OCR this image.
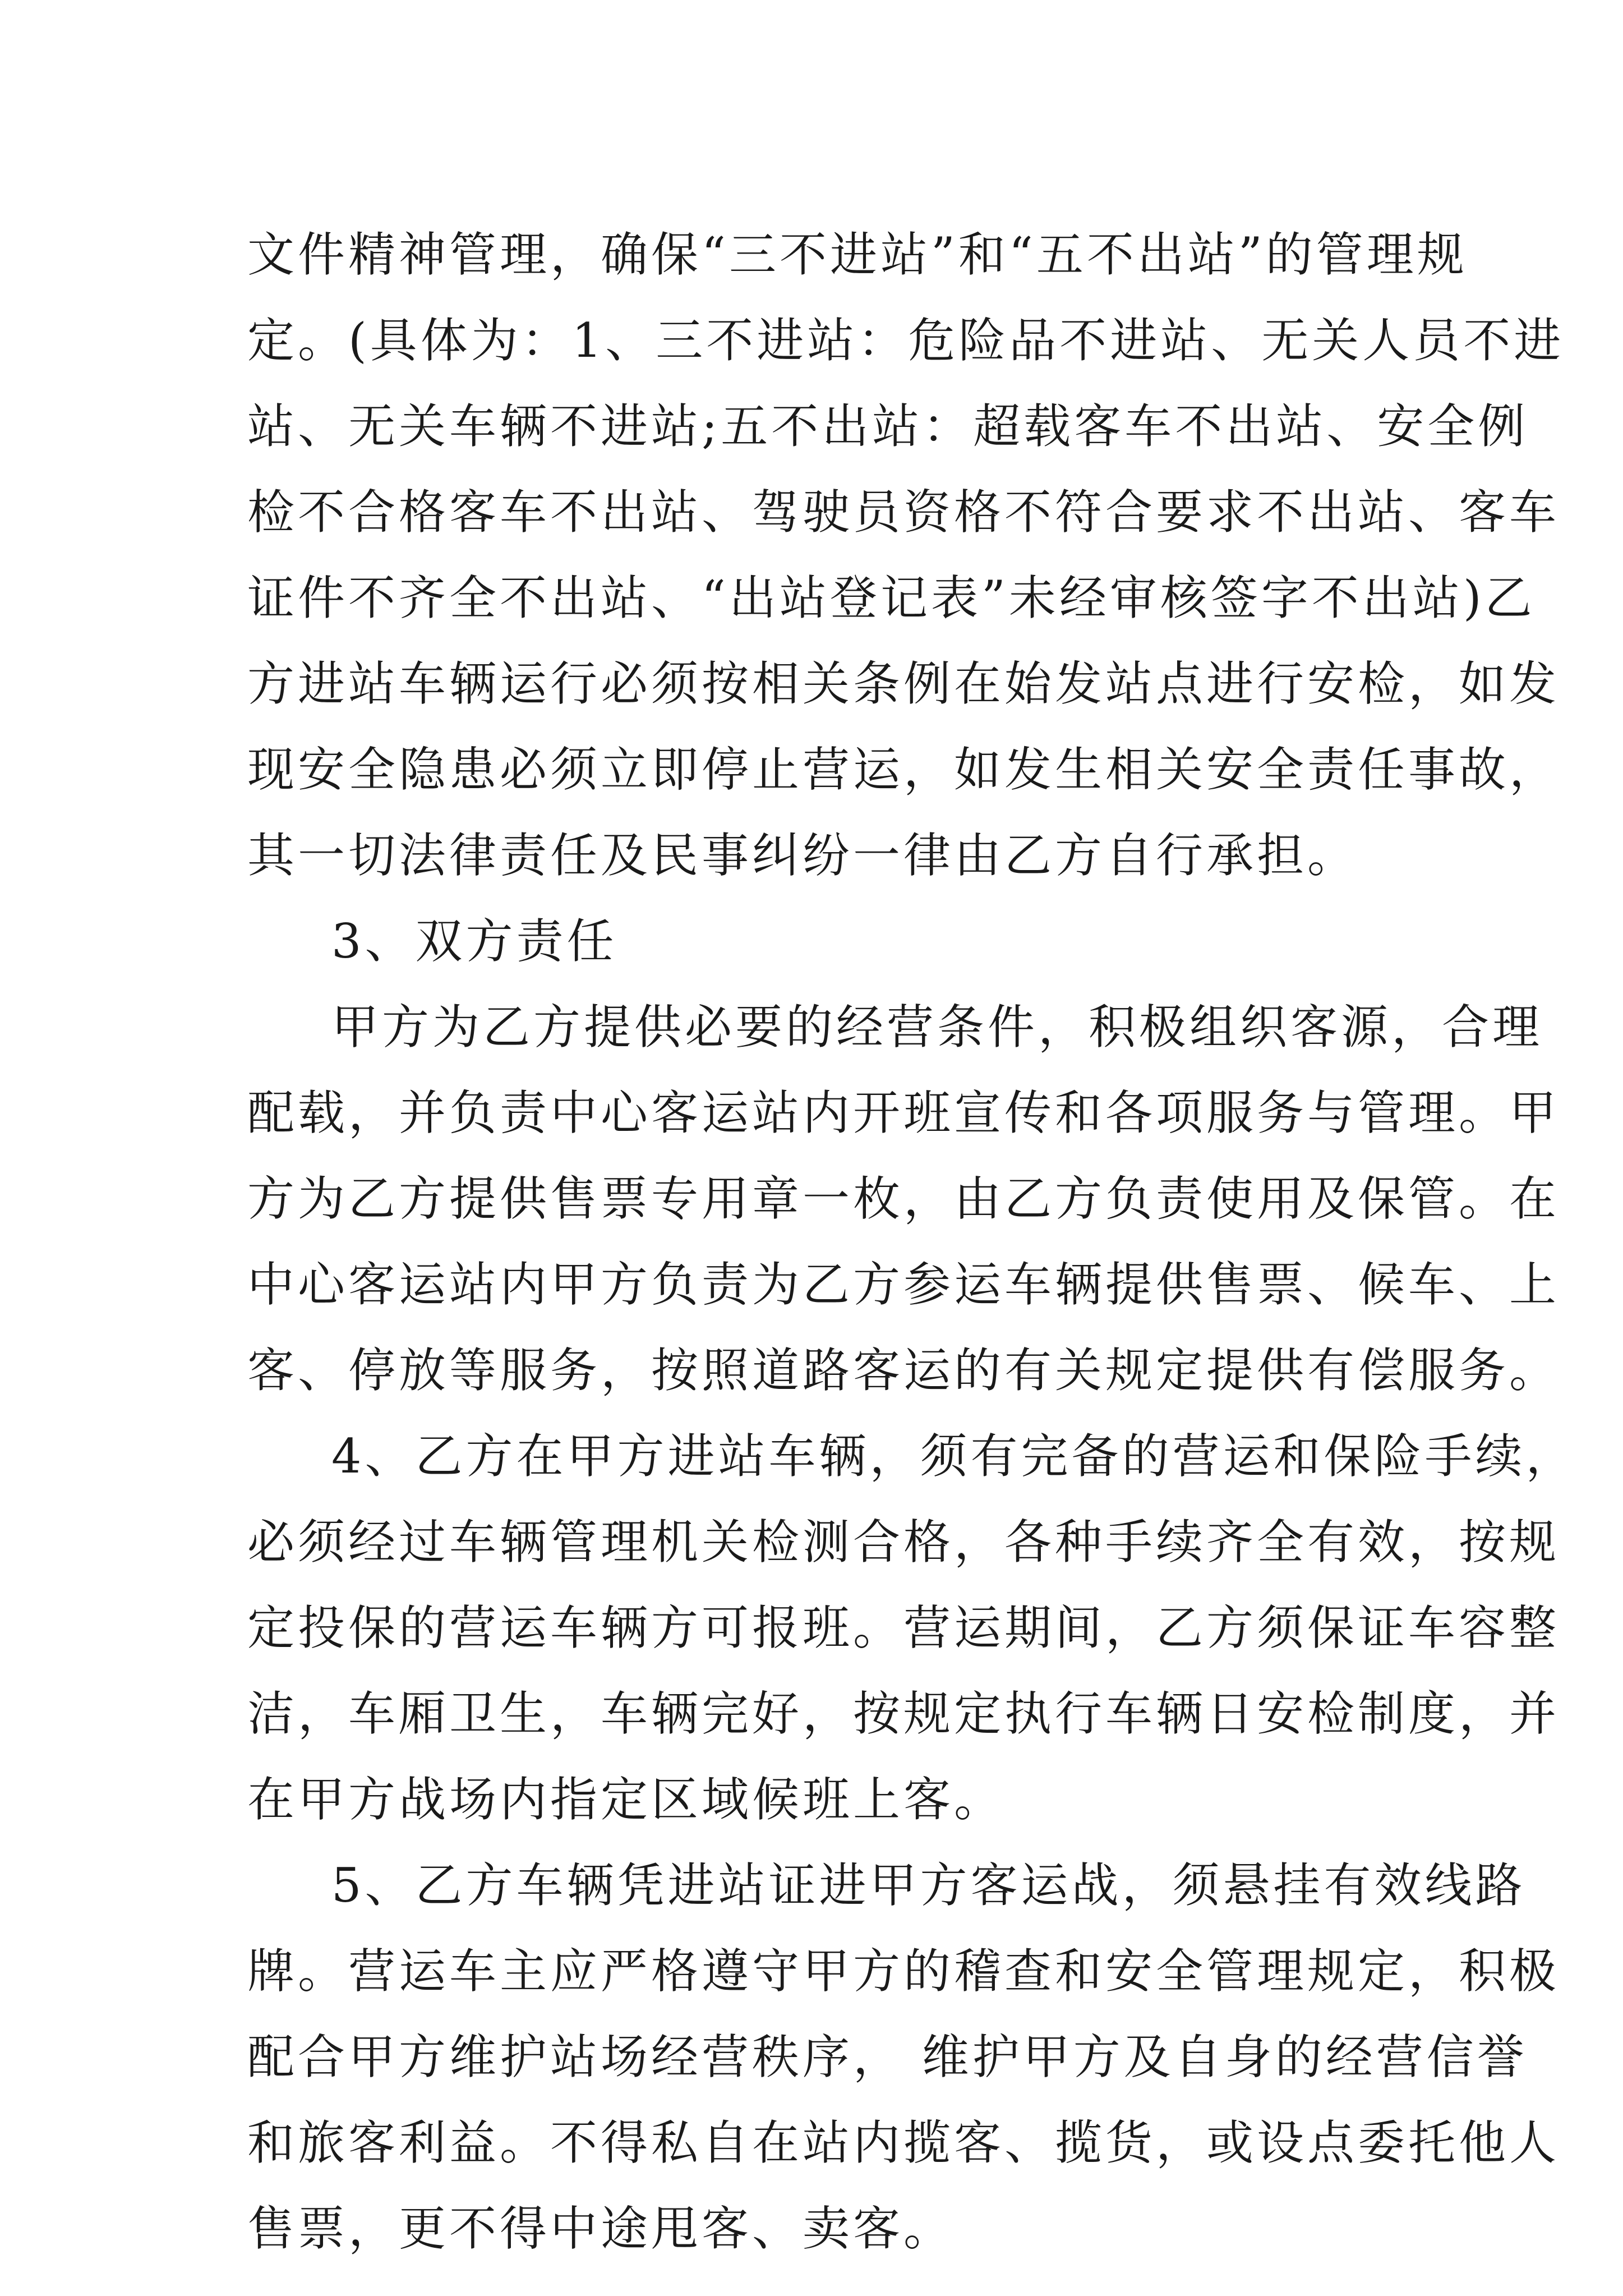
文件精神管理，确保“三不进站”和“五不出站”的管理规
定。(具体为：1、三不进站：危险品不进站、无关人员不进
站、无关车辆不进站;五不出站：超载客车不出站、安全例
检不合格客车不出站、驾驶员资格不符合要求不出站、客车
证件不齐全不出站、“出站登记表”未经审核签字不出站)乙
方进站车辆运行必须按相关条例在始发站点进行安检，如发
现安全隐患必须立即停止营运，如发生相关安全责任事故，
其一切法律责任及民事纠纷一律由乙方自行承担。
3、双方责任
甲方为乙方提供必要的经营条件，积极组织客源，合理
配载，并负责中心客运站内开班宣传和各项服务与管理。甲
方为乙方提供售票专用章一枚，由乙方负责使用及保管。在
中心客运站内甲方负责为乙方参运车辆提供售票、候车、上
客、停放等服务，按照道路客运的有关规定提供有偿服务。
4、乙方在甲方进站车辆，须有完备的营运和保险手续，
必须经过车辆管理机关检测合格，各种手续齐全有效，按规
定投保的营运车辆方可报班。营运期间，乙方须保证车容整
洁，车厢卫生，车辆完好，按规定执行车辆日安检制度，并
在甲方战场内指定区域候班上客。
5、乙方车辆凭进站证进甲方客运战，须悬挂有效线路
牌。营运车主应严格遵守甲方的稽查和安全管理规定，积极
配合甲方维护站场经营秩序， 维护甲方及自身的经营信誉
和旅客利益。不得私自在站内揽客、揽货，或设点委托他人
售票，更不得中途甩客、卖客。
